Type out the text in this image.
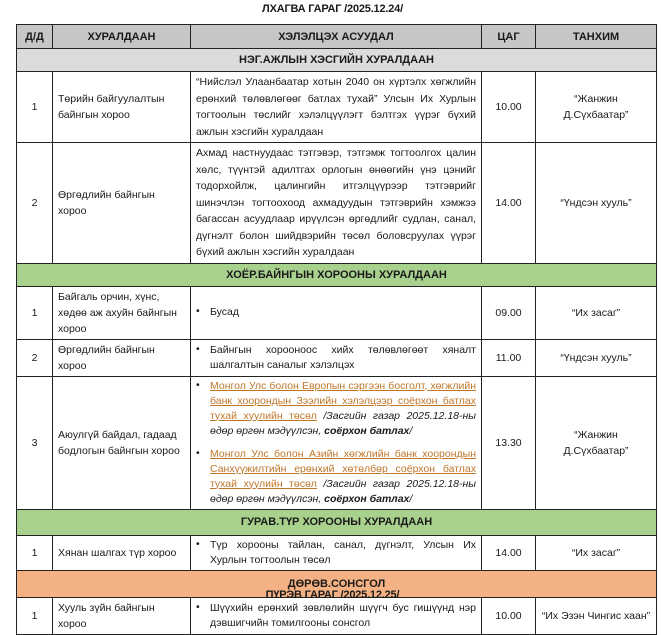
ЛХАГВА ГАРАГ /2025.12.24/
Д/Д	ХУРАЛДААН	ХЭЛЭЛЦЭХ АСУУДАЛ	ЦАГ	ТАНХИМ
НЭГ.АЖЛЫН ХЭСГИЙН ХУРАЛДААН				
1	Төрийн байгуулалтын байнгын хороо	“Нийслэл Улаанбаатар хотын 2040 он хүртэлх хөгжлийн ерөнхий төлөвлөгөөг батлах тухай” Улсын Их Хурлын тогтоолын төслийг хэлэлцүүлэгт бэлтгэх үүрэг бүхий ажлын хэсгийн хуралдаан	10.00	“Жанжин Д.Сүхбаатар”
2	Өргөдлийн байнгын хороо	Ахмад настнуудаас тэтгэвэр, тэтгэмж тогтоолгох цалин хөлс, түүнтэй адилтгах орлогын өнөөгийн үнэ цэнийг тодорхойлж, цалингийн итгэлцүүрээр тэтгэврийг шинэчлэн тогтоохоод ахмадуудын тэтгэврийн хэмжээ багассан асуудлаар ирүүлсэн өргөдлийг судлан, санал, дүгнэлт болон шийдвэрийн төсөл боловсруулах үүрэг бүхий ажлын хэсгийн хуралдаан	14.00	“Үндсэн хууль”
ХОЁР.БАЙНГЫН ХОРООНЫ ХУРАЛДААН				
1	Байгаль орчин, хүнс, хөдөө аж ахуйн байнгын хороо	• Бусад	09.00	“Их засаг”
2	Өргөдлийн байнгын хороо	• Байнгын хорооноос хийх төлөвлөгөөт хяналт шалгалтын саналыг хэлэлцэх	11.00	“Үндсэн хууль”
3	Аюулгүй байдал, гадаад бодлогын байнгын хороо	• Монгол Улс болон Европын сэргээн босголт, хөгжлийн банк хоорондын Зээлийн хэлэлцээр соёрхон батлах тухай хуулийн төсөл /Засгийн газар 2025.12.18-ны өдөр өргөн мэдүүлсэн, соёрхон батлах/
• Монгол Улс болон Азийн хөгжлийн банк хоорондын Санхүүжилтийн ерөнхий хөтөлбөр соёрхон батлах тухай хуулийн төсөл /Засгийн газар 2025.12.18-ны өдөр өргөн мэдүүлсэн, соёрхон батлах/	13.30	“Жанжин Д.Сүхбаатар”
ГУРАВ.ТҮР ХОРООНЫ ХУРАЛДААН				
1	Хянан шалгах түр хороо	• Түр хорооны тайлан, санал, дүгнэлт, Улсын Их Хурлын тогтоолын төсөл	14.00	“Их засаг”
ДӨРӨВ.СОНСГОЛ				
1	Хууль зүйн байнгын хороо	• Шүүхийн ерөнхий зөвлөлийн шүүгч бус гишүүнд нэр дэвшигчийн томилгооны сонсгол	10.00	“Их Эзэн Чингис хаан”
ПҮРЭВ ГАРАГ /2025.12.25/
